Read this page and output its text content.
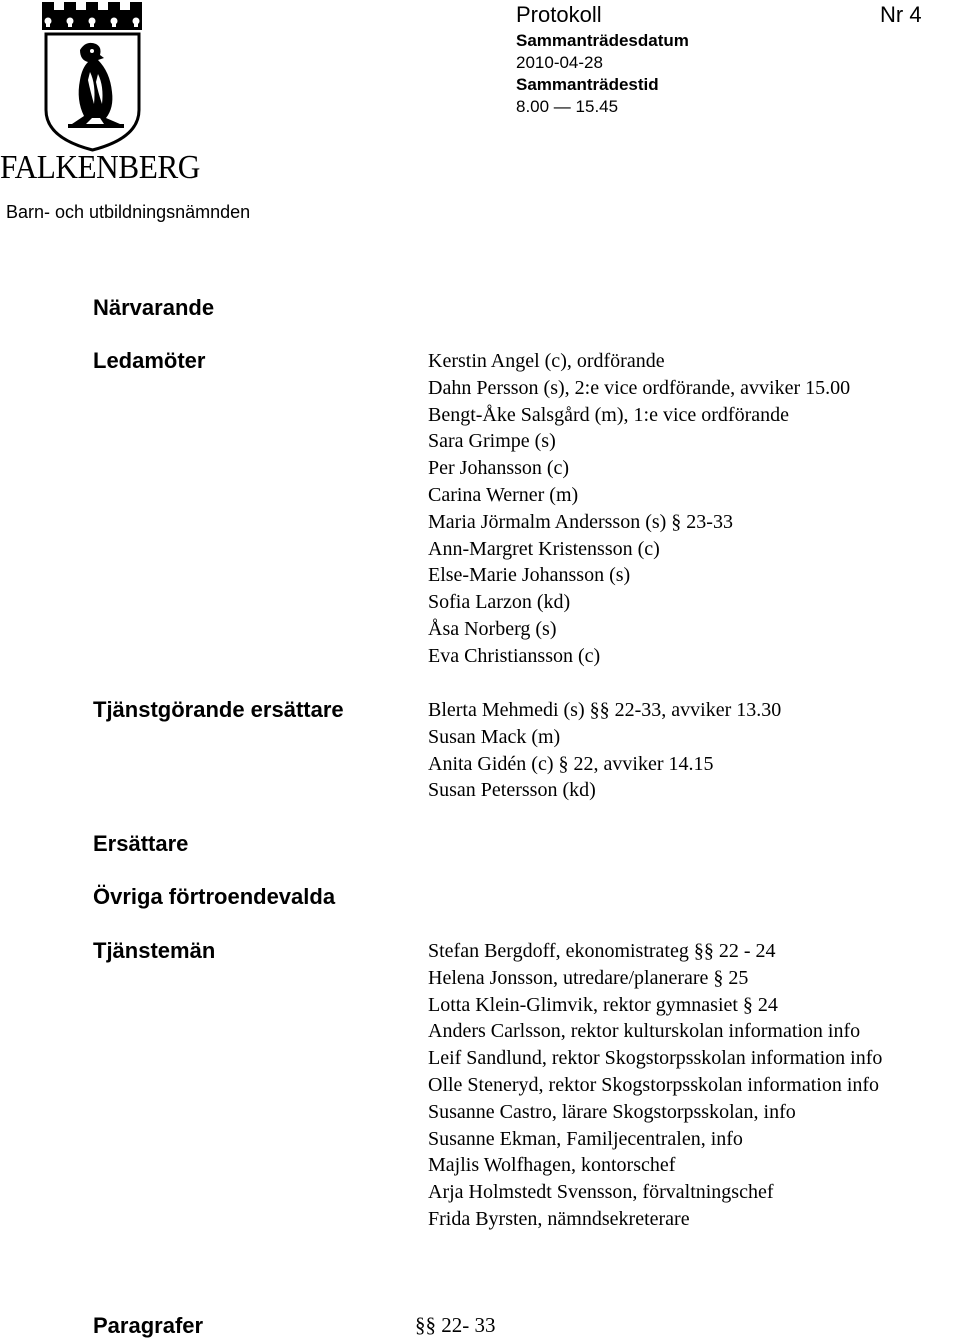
FALKENBERG
Barn- och utbildningsnämnden
Protokoll	Nr 4
Sammanträdesdatum
2010-04-28
Sammanträdestid
8.00 — 15.45
Närvarande
Ledamöter	Kerstin Angel (c), ordförande
Dahn Persson (s), 2:e vice ordförande, avviker 15.00
Bengt-Åke Salsgård (m), 1:e vice ordförande
Sara Grimpe (s)
Per Johansson (c)
Carina Werner (m)
Maria Jörmalm Andersson (s) § 23-33
Ann-Margret Kristensson (c)
Else-Marie Johansson (s)
Sofia Larzon (kd)
Åsa Norberg (s)
Eva Christiansson (c)
Tjänstgörande ersättare	Blerta Mehmedi (s) §§ 22-33, avviker 13.30
Susan Mack (m)
Anita Gidén (c) § 22, avviker 14.15
Susan Petersson (kd)
Ersättare
Övriga förtroendevalda
Tjänstemän	Stefan Bergdoff, ekonomistrateg §§ 22 - 24
Helena Jonsson, utredare/planerare § 25
Lotta Klein-Glimvik, rektor gymnasiet § 24
Anders Carlsson, rektor kulturskolan information info
Leif Sandlund, rektor Skogstorpsskolan information info
Olle Steneryd, rektor Skogstorpsskolan information info
Susanne Castro, lärare Skogstorpsskolan, info
Susanne Ekman, Familjecentralen, info
Majlis Wolfhagen, kontorschef
Arja Holmstedt Svensson, förvaltningschef
Frida Byrsten, nämndsekreterare
Paragrafer	§§ 22- 33
